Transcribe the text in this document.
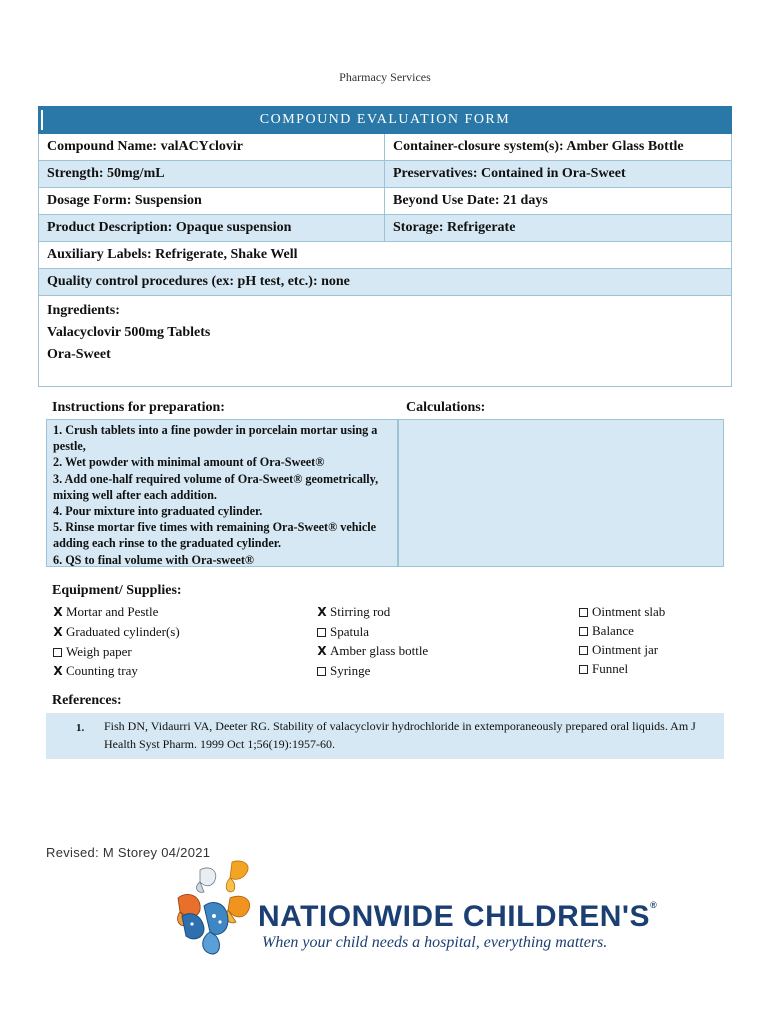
Pharmacy Services
COMPOUND EVALUATION FORM	
Compound Name: valACYclovir	Container-closure system(s): Amber Glass Bottle
Strength: 50mg/mL	Preservatives: Contained in Ora-Sweet
Dosage Form: Suspension	Beyond Use Date: 21 days
Product Description: Opaque suspension	Storage: Refrigerate
Auxiliary Labels: Refrigerate, Shake Well	
Quality control procedures (ex: pH test, etc.): none	

Ingredients:
Valacyclovir 500mg Tablets
Ora-Sweet	
Instructions for preparation:	Calculations:
1. Crush tablets into a fine powder in porcelain mortar using a pestle,
2. Wet powder with minimal amount of Ora-Sweet®
3. Add one-half required volume of Ora-Sweet® geometrically, mixing well after each addition.
4. Pour mixture into graduated cylinder.
5. Rinse mortar five times with remaining Ora-Sweet® vehicle adding each rinse to the graduated cylinder.
6. QS to final volume with Ora-sweet®
Equipment/ Supplies:
X Mortar and Pestle
X Graduated cylinder(s)
Weigh paper
X Counting tray
X Stirring rod
Spatula
X Amber glass bottle
Syringe
Ointment slab
Balance
Ointment jar
Funnel
References:
1. Fish DN, Vidaurri VA, Deeter RG. Stability of valacyclovir hydrochloride in extemporaneously prepared oral liquids. Am J Health Syst Pharm. 1999 Oct 1;56(19):1957-60.
Revised: M Storey 04/2021
NATIONWIDE CHILDREN'S®
When your child needs a hospital, everything matters.
